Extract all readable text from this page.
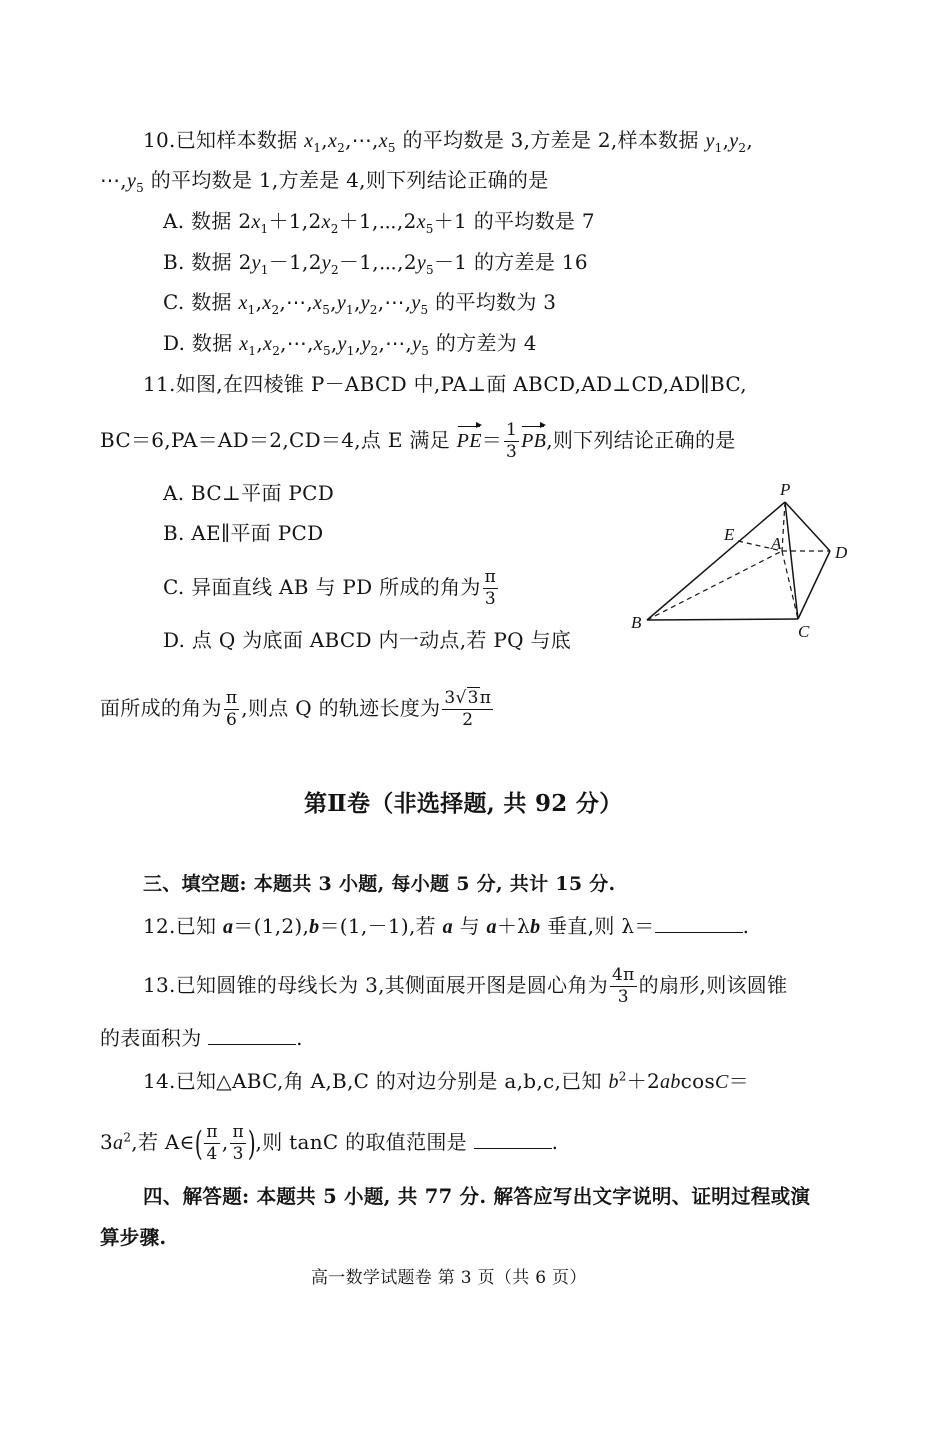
10.已知样本数据 $x_1,x_2,\cdots,x_5$ 的平均数是 3,方差是 2,样本数据 $y_1,y_2$,
$\cdots,y_5$ 的平均数是 1,方差是 4,则下列结论正确的是
A. 数据 $2x_1+1,2x_2+1,\cdots,2x_5+1$ 的平均数是 7
B. 数据 $2y_1-1,2y_2-1,\cdots,2y_5-1$ 的方差是 16
C. 数据 $x_1,x_2,\cdots,x_5,y_1,y_2,\cdots,y_5$ 的平均数为 3
D. 数据 $x_1,x_2,\cdots,x_5,y_1,y_2,\cdots,y_5$ 的方差为 4
11.如图,在四棱锥 P－ABCD 中,PA⊥面 ABCD,AD⊥CD,AD∥BC,
BC＝6,PA＝AD＝2,CD＝4,点 E 满足 $PE= \frac{1}{3}$ PB,则下列结论正确的是
A. BC⊥平面 PCD
B. AE∥平面 PCD
C. 异面直线 AB 与 PD 所成的角为 $\frac{\pi}{3}$
D. 点 Q 为底面 ABCD 内一动点,若 PQ 与底
面所成的角为 $\frac{\pi}{6}$ ,则点 Q 的轨迹长度为 $\frac{3√3\pi}{2}$
P
E A	D
B	C
第Ⅱ卷（非选择题, 共 92 分）
三、填空题: 本题共 3 小题, 每小题 5 分, 共计 15 分.
12.已知 a＝(1,2),b＝(1,－1),若 a 与 a＋λb 垂直,则 λ＝	.
13.已知圆锥的母线长为 3,其侧面展开图是圆心角为 $\frac{4\pi}{3}$ 的扇形,则该圆锥
的表面积为	.
14.已知△ABC,角 A,B,C 的对边分别是 a,b,c,已知 $b^2+2abcosC=$
$3a^2$,若 A∈( $\frac{\pi}{4}$ , $\frac{\pi}{3}$ ),则 tanC 的取值范围是	.
四、解答题: 本题共 5 小题, 共 77 分. 解答应写出文字说明、证明过程或演
算步骤.
高一数学试题卷 第 3 页（共 6 页）
